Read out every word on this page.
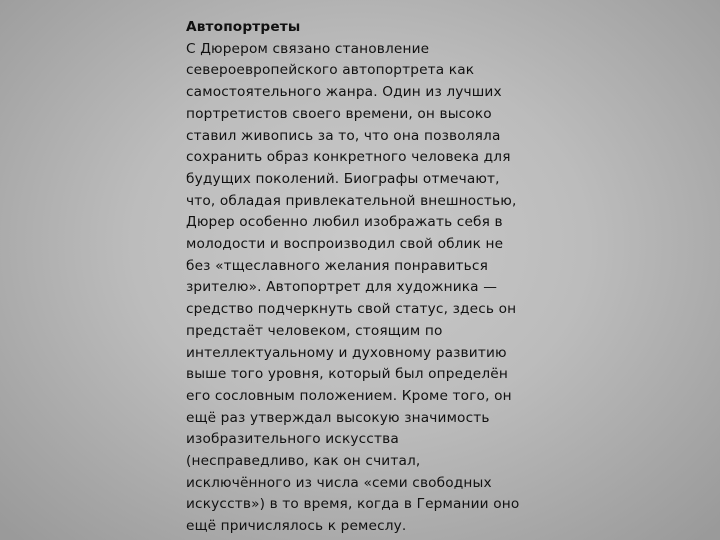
Автопортреты
С Дюрером связано становление
североевропейского автопортрета как
самостоятельного жанра. Один из лучших
портретистов своего времени, он высоко
ставил живопись за то, что она позволяла
сохранить образ конкретного человека для
будущих поколений. Биографы отмечают,
что, обладая привлекательной внешностью,
Дюрер особенно любил изображать себя в
молодости и воспроизводил свой облик не
без «тщеславного желания понравиться
зрителю». Автопортрет для художника —
средство подчеркнуть свой статус, здесь он
предстаёт человеком, стоящим по
интеллектуальному и духовному развитию
выше того уровня, который был определён
его сословным положением. Кроме того, он
ещё раз утверждал высокую значимость
изобразительного искусства
(несправедливо, как он считал,
исключённого из числа «семи свободных
искусств») в то время, когда в Германии оно
ещё причислялось к ремеслу.
